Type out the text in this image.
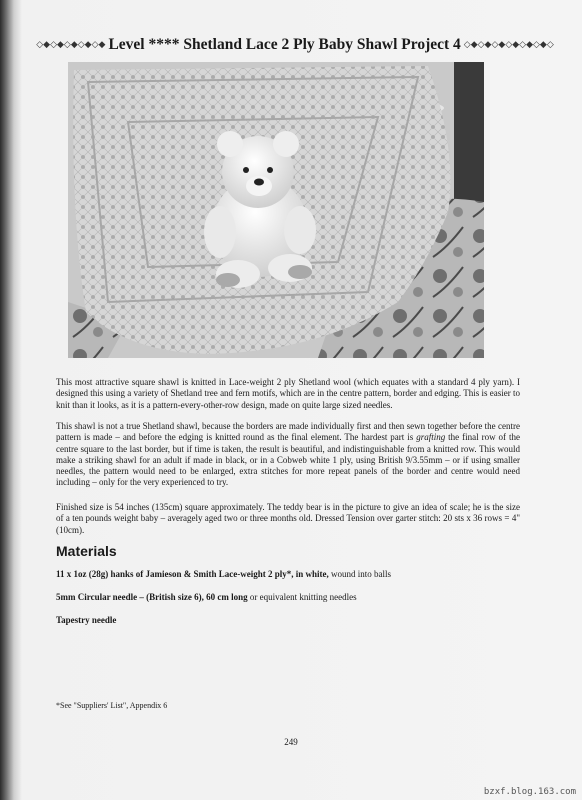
◇◆◇◆◇◆◇◆◇◆ Level **** Shetland Lace 2 Ply Baby Shawl Project 4 ◇◆◇◆◇◆◇◆◇◆◇◆◇
This most attractive square shawl is knitted in Lace-weight 2 ply Shetland wool (which equates with a standard 4 ply yarn). I designed this using a variety of Shetland tree and fern motifs, which are in the centre pattern, border and edging. This is easier to knit than it looks, as it is a pattern-every-other-row design, made on quite large sized needles.
This shawl is not a true Shetland shawl, because the borders are made individually first and then sewn together before the centre pattern is made – and before the edging is knitted round as the final element. The hardest part is grafting the final row of the centre square to the last border, but if time is taken, the result is beautiful, and indistinguishable from a knitted row. This would make a striking shawl for an adult if made in black, or in a Cobweb white 1 ply, using British 9/3.55mm – or if using smaller needles, the pattern would need to be enlarged, extra stitches for more repeat panels of the border and centre would need including – only for the very experienced to try.
Finished size is 54 inches (135cm) square approximately. The teddy bear is in the picture to give an idea of scale; he is the size of a ten pounds weight baby – averagely aged two or three months old. Dressed Tension over garter stitch: 20 sts x 36 rows = 4" (10cm).
Materials
11 x 1oz (28g) hanks of Jamieson & Smith Lace-weight 2 ply*, in white, wound into balls
5mm Circular needle – (British size 6), 60 cm long or equivalent knitting needles
Tapestry needle
*See "Suppliers' List", Appendix 6
249
bzxf.blog.163.com
